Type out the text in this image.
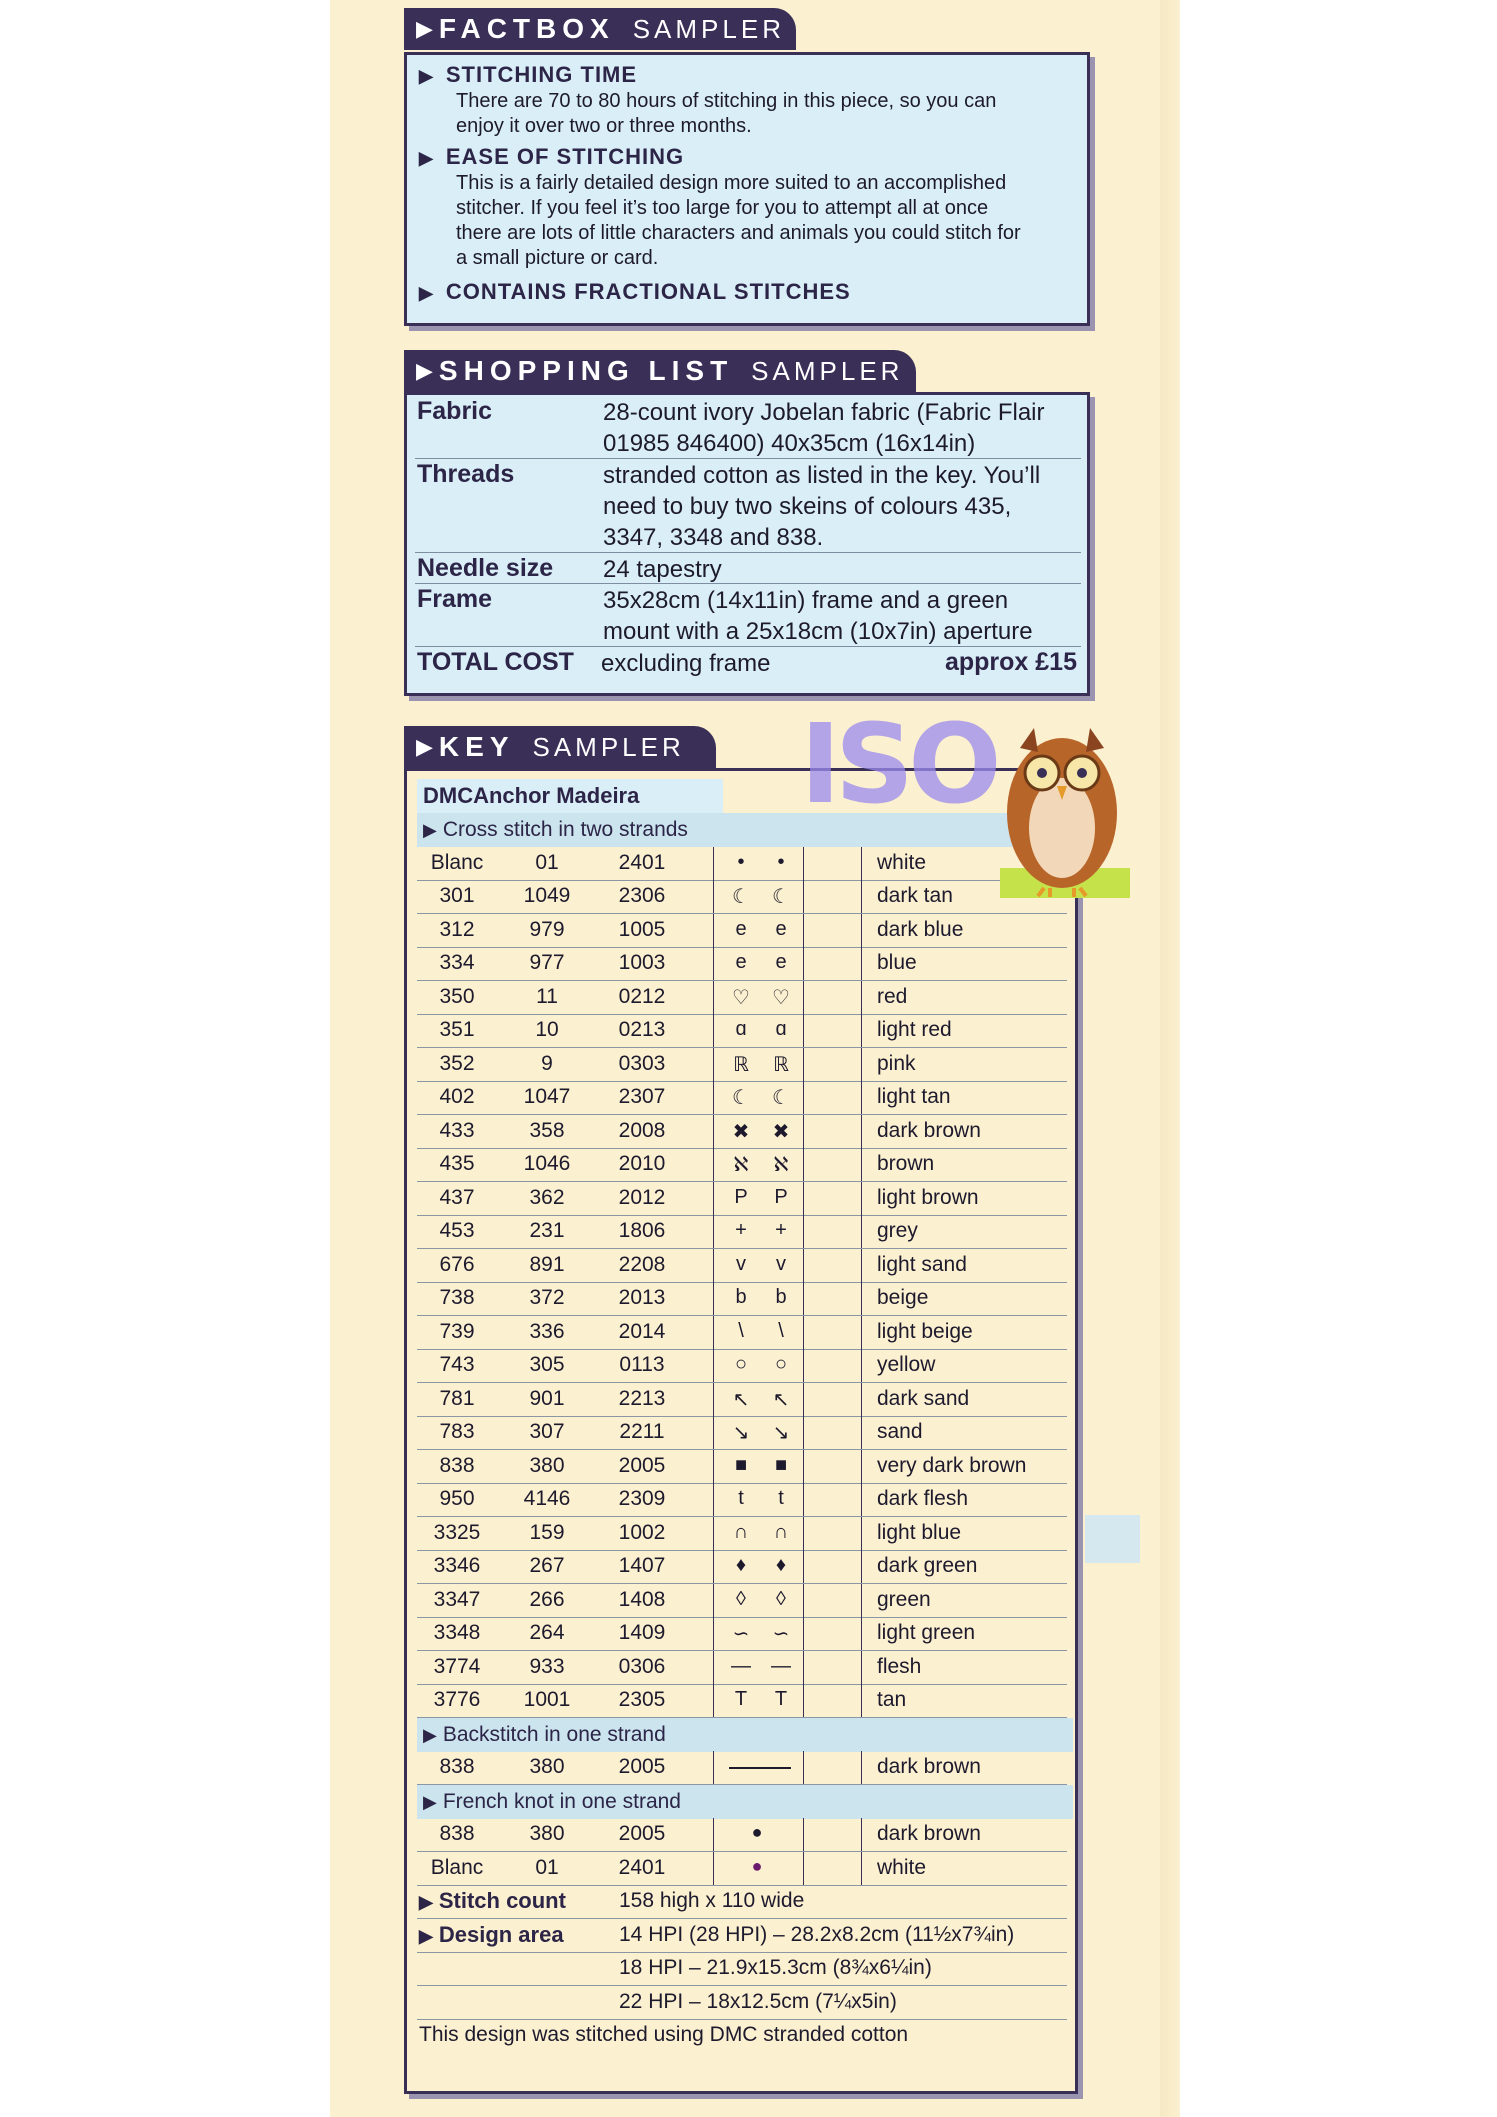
▶ FACTBOX SAMPLER
▶ STITCHING TIME
There are 70 to 80 hours of stitching in this piece, so you can
enjoy it over two or three months.
▶ EASE OF STITCHING
This is a fairly detailed design more suited to an accomplished
stitcher. If you feel it’s too large for you to attempt all at once
there are lots of little characters and animals you could stitch for
a small picture or card.
▶ CONTAINS FRACTIONAL STITCHES
▶ SHOPPING LIST SAMPLER
Fabric	28-count ivory Jobelan fabric (Fabric Flair
01985 846400) 40x35cm (16x14in)
Threads	stranded cotton as listed in the key. You’ll
need to buy two skeins of colours 435,
3347, 3348 and 838.
Needle size 24 tapestry
Frame	35x28cm (14x11in) frame and a green
mount with a 25x18cm (10x7in) aperture
TOTAL COST excluding frame	approx £15
▶ KEY SAMPLER
DMCAnchor Madeira
▶ Cross stitch in two strands
Blanc	01	2401	•	•	white
301	1049	2306	☾	☾	dark tan
312	979	1005	e	e	dark blue
334	977	1003	e	e	blue
350	11	0212	♡	♡	red
351	10	0213	ɑ	ɑ	light red
352	9	0303	ℝ	ℝ	pink
402	1047	2307	☾	☾	light tan
433	358	2008	✖	✖	dark brown
435	1046	2010	ℵ	ℵ	brown
437	362	2012	P	P	light brown
453	231	1806	+	+	grey
676	891	2208	v	v	light sand
738	372	2013	b	b	beige
739	336	2014	\	\	light beige
743	305	0113	○	○	yellow
781	901	2213	↖	↖	dark sand
783	307	2211	↘	↘	sand
838	380	2005	■	■	very dark brown
950	4146	2309	t	t	dark flesh
3325	159	1002	∩	∩	light blue
3346	267	1407	♦	♦	dark green
3347	266	1408	◊	◊	green
3348	264	1409	∽	∽	light green
3774	933	0306	—	—	flesh
3776	1001	2305	T	T	tan
▶ Backstitch in one strand
838	380	2005	dark brown
▶ French knot in one strand
838	380	2005	●	dark brown
Blanc	01	2401	●	white
▶ Stitch count	158 high x 110 wide
▶ Design area	14 HPI (28 HPI) – 28.2x8.2cm (11½x7¾in)
18 HPI – 21.9x15.3cm (8¾x6¼in)
22 HPI – 18x12.5cm (7¼x5in)
This design was stitched using DMC stranded cotton
ISO
